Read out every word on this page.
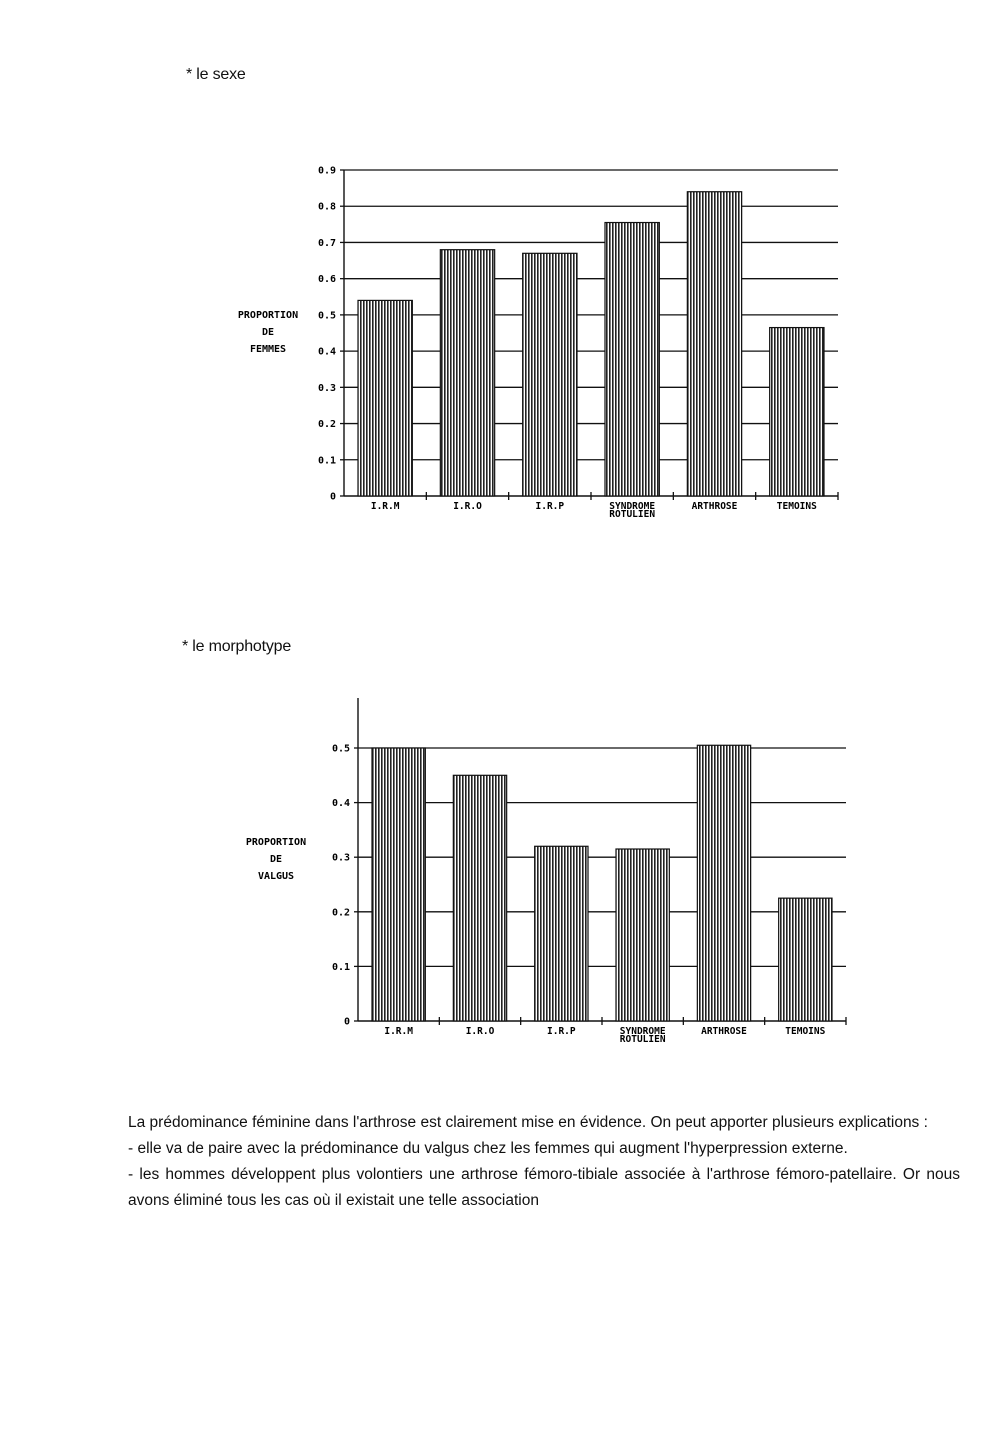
* le sexe
0
0.1
0.2
0.3
0.4
0.5
0.6
0.7
0.8
0.9
I.R.M	I.R.O	I.R.P	SYNDROME ROTULIEN
ARTHROSE	TEMOINS
PROPORTION
DE
FEMMES
* le morphotype
0
0.1
0.2
0.3
0.4
0.5
I.R.M	I.R.O	I.R.P	SYNDROME ROTULIEN
ARTHROSE	TEMOINS
PROPORTION
DE
VALGUS

La prédominance féminine dans l'arthrose est clairement mise en évidence. On peut apporter plusieurs explications :

- elle va de paire avec la prédominance du valgus chez les femmes qui augment l'hyperpression externe.

- les hommes développent plus volontiers une arthrose fémoro-tibiale associée à l'arthrose fémoro-patellaire. Or nous avons éliminé tous les cas où il existait une telle association
